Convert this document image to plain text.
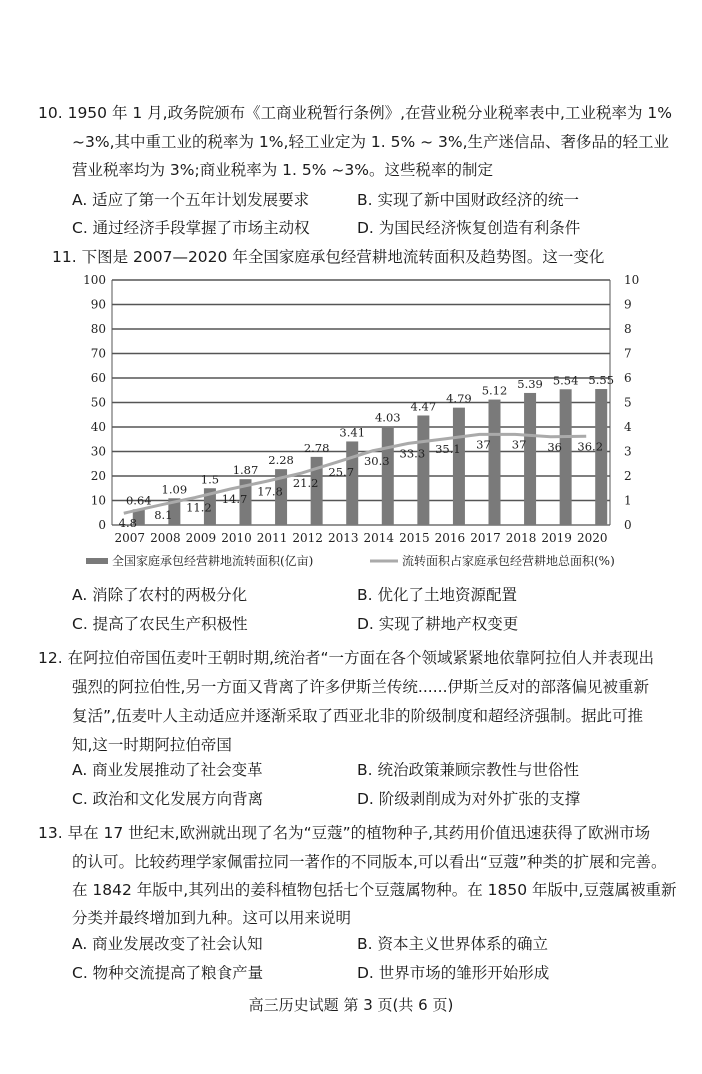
10. 1950 年 1 月,政务院颁布《工商业税暂行条例》,在营业税分业税率表中,工业税率为 1%
~3%,其中重工业的税率为 1%,轻工业定为 1. 5% ~ 3%,生产迷信品、奢侈品的轻工业
营业税率均为 3%;商业税率为 1. 5% ~3%。这些税率的制定
A. 适应了第一个五年计划发展要求	B. 实现了新中国财政经济的统一
C. 通过经济手段掌握了市场主动权	D. 为国民经济恢复创造有利条件
11. 下图是 2007—2020 年全国家庭承包经营耕地流转面积及趋势图。这一变化
0
10
20
30
40
50
60
70
80
90
100
0
1
2
3
4
5
6
7
8
9
10
0.64
1.09
1.5
1.87
2.28
2.78
3.41
4.03
4.47
4.79
5.12 5.39 5.54 5.55
4.8
8.1
11.2
14.7
17.8
21.2
25.7
30.3
33.3 35.1 37 37 36 36.2
2007 2008 2009 2010 2011 2012 2013 2014 2015 2016 2017 2018 2019 2020
全国家庭承包经营耕地流转面积(亿亩)	流转面积占家庭承包经营耕地总面积(%)
A. 消除了农村的两极分化	B. 优化了土地资源配置
C. 提高了农民生产积极性	D. 实现了耕地产权变更
12. 在阿拉伯帝国伍麦叶王朝时期,统治者“一方面在各个领域紧紧地依靠阿拉伯人并表现出
强烈的阿拉伯性,另一方面又背离了许多伊斯兰传统......伊斯兰反对的部落偏见被重新
复活”,伍麦叶人主动适应并逐渐采取了西亚北非的阶级制度和超经济强制。据此可推
知,这一时期阿拉伯帝国
A. 商业发展推动了社会变革	B. 统治政策兼顾宗教性与世俗性
C. 政治和文化发展方向背离	D. 阶级剥削成为对外扩张的支撑
13. 早在 17 世纪末,欧洲就出现了名为“豆蔻”的植物种子,其药用价值迅速获得了欧洲市场
的认可。比较药理学家佩雷拉同一著作的不同版本,可以看出“豆蔻”种类的扩展和完善。
在 1842 年版中,其列出的姜科植物包括七个豆蔻属物种。在 1850 年版中,豆蔻属被重新
分类并最终增加到九种。这可以用来说明
A. 商业发展改变了社会认知	B. 资本主义世界体系的确立
C. 物种交流提高了粮食产量	D. 世界市场的雏形开始形成
高三历史试题 第 3 页(共 6 页)
